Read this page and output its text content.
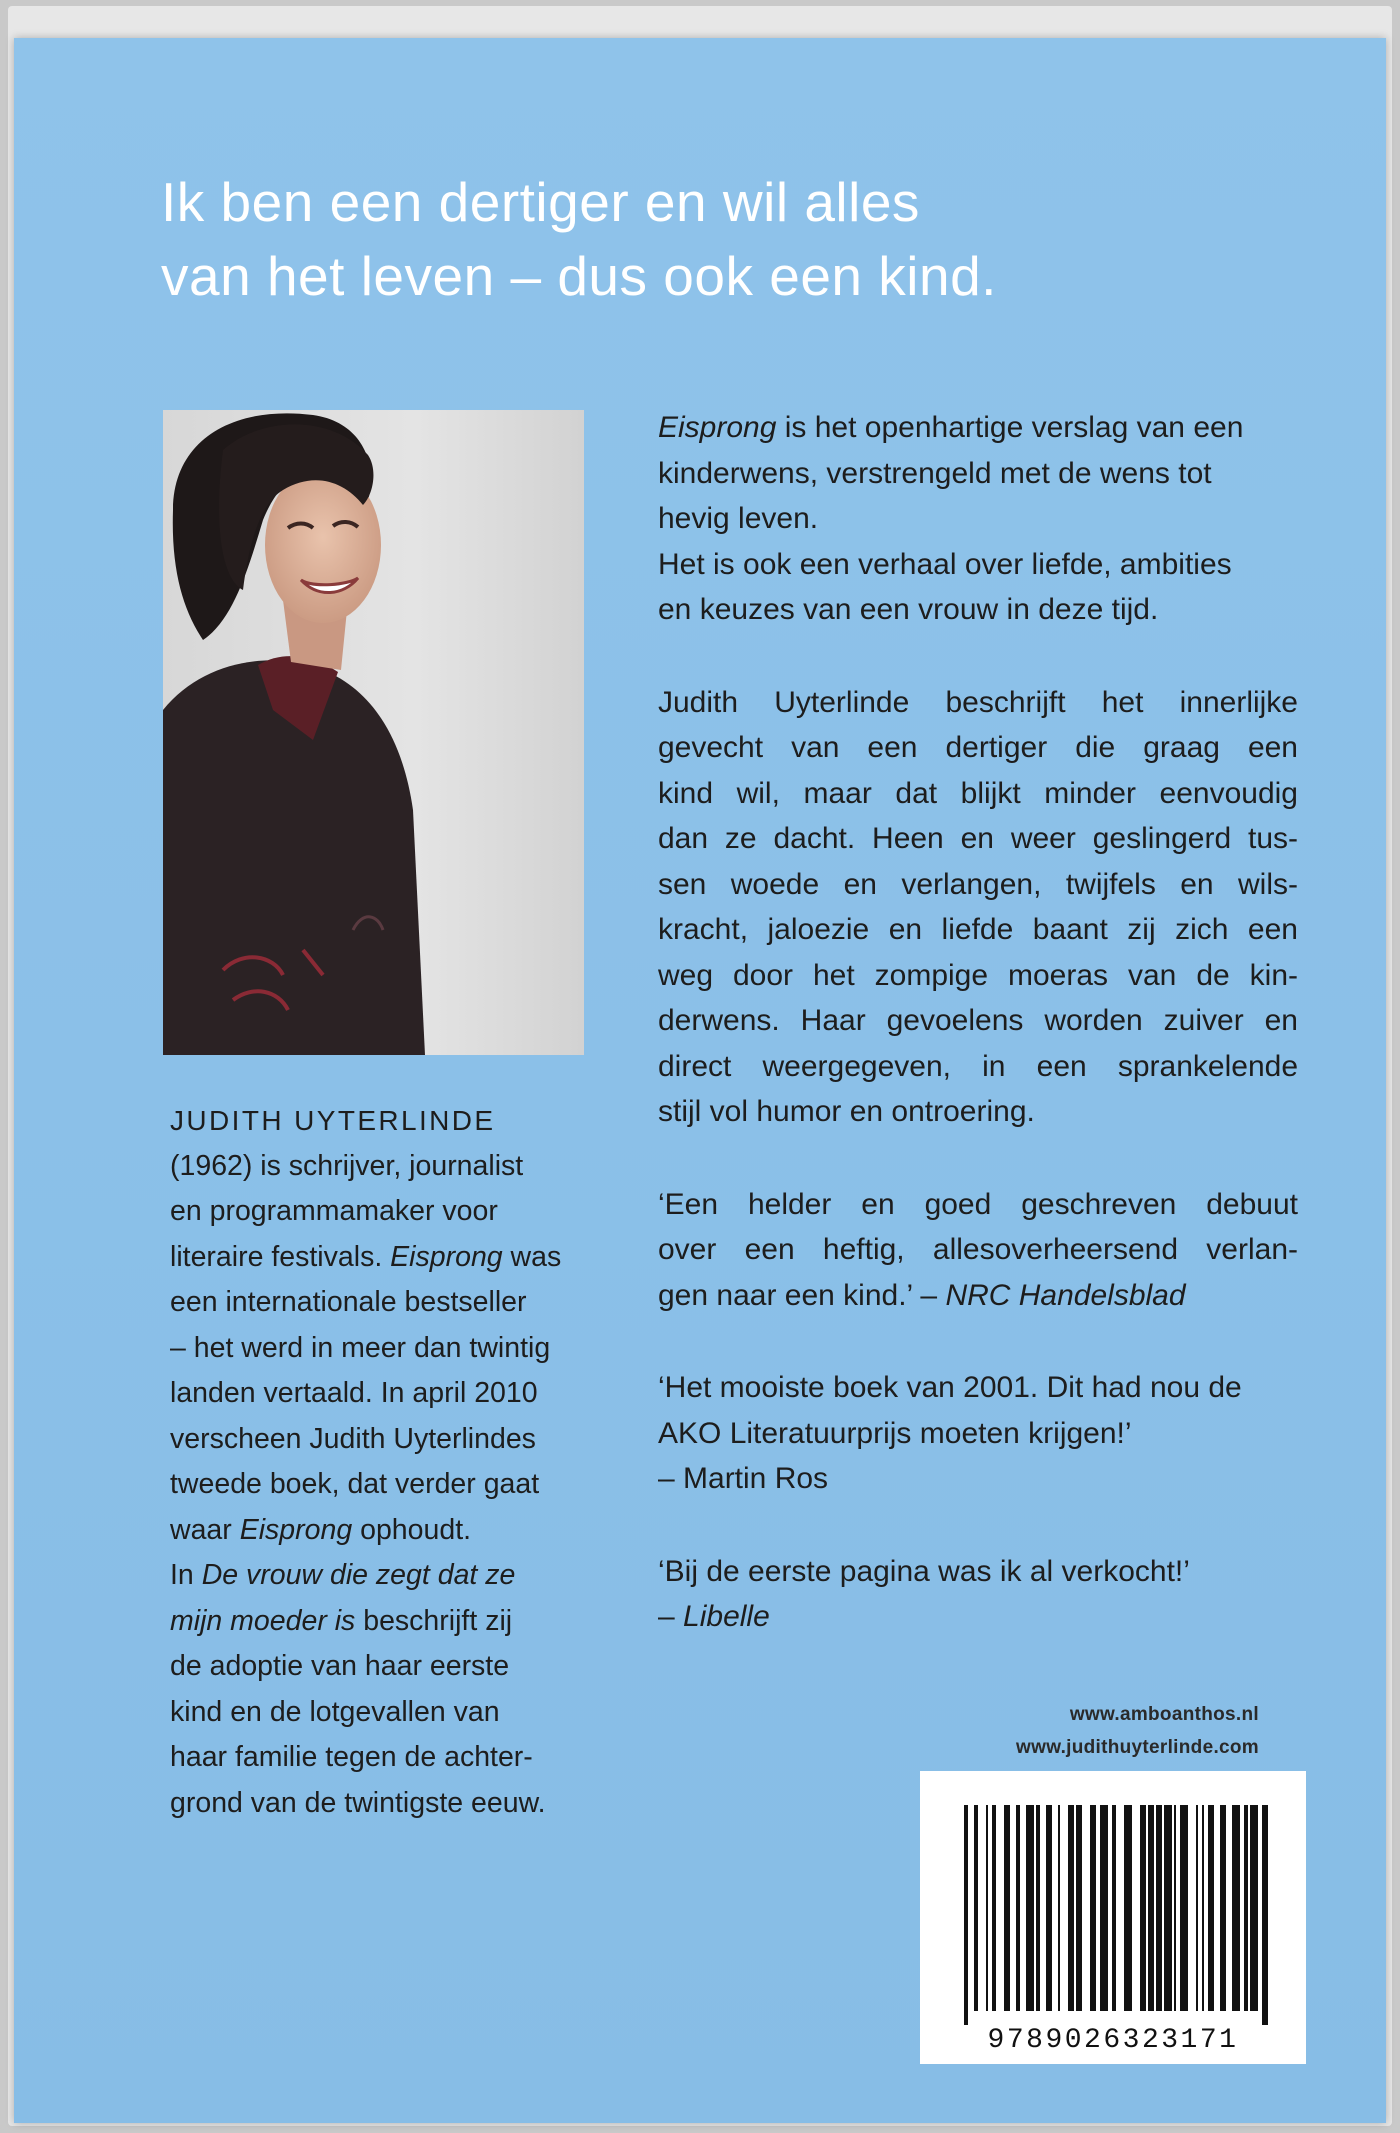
Ik ben een dertiger en wil alles
van het leven – dus ook een kind.
JUDITH UYTERLINDE
(1962) is schrijver, journalist
en programmamaker voor
literaire festivals. Eisprong was
een internationale bestseller
– het werd in meer dan twintig
landen vertaald. In april 2010
verscheen Judith Uyterlindes
tweede boek, dat verder gaat
waar Eisprong ophoudt.
In De vrouw die zegt dat ze
mijn moeder is beschrijft zij
de adoptie van haar eerste
kind en de lotgevallen van
haar familie tegen de achter-
grond van de twintigste eeuw.
Eisprong is het openhartige verslag van een
kinderwens, verstrengeld met de wens tot
hevig leven.
Het is ook een verhaal over liefde, ambities
en keuzes van een vrouw in deze tijd.
Judith Uyterlinde beschrijft het innerlijke
gevecht van een dertiger die graag een
kind wil, maar dat blijkt minder eenvoudig
dan ze dacht. Heen en weer geslingerd tus-
sen woede en verlangen, twijfels en wils-
kracht, jaloezie en liefde baant zij zich een
weg door het zompige moeras van de kin-
derwens. Haar gevoelens worden zuiver en
direct weergegeven, in een sprankelende
stijl vol humor en ontroering.
‘Een helder en goed geschreven debuut
over een heftig, allesoverheersend verlan-
gen naar een kind.’ – NRC Handelsblad
‘Het mooiste boek van 2001. Dit had nou de
AKO Literatuurprijs moeten krijgen!’
– Martin Ros
‘Bij de eerste pagina was ik al verkocht!’
– Libelle
www.amboanthos.nl
www.judithuyterlinde.com
9789026323171
